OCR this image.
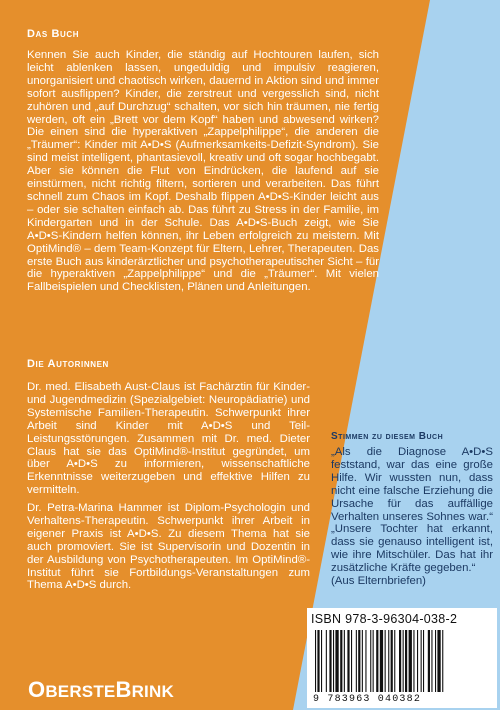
Das Buch

Kennen Sie auch Kinder, die ständig auf Hochtouren laufen, sich leicht ablenken lassen, ungeduldig und impulsiv reagieren, unorganisiert und chaotisch wirken, dauernd in Aktion sind und immer sofort ausflippen? Kinder, die zerstreut und vergesslich sind, nicht zuhören und „auf Durchzug“ schalten, vor sich hin träumen, nie fertig werden, oft ein „Brett vor dem Kopf“ haben und abwesend wirken? Die einen sind die hyperaktiven „Zappelphilippe“, die anderen die „Träumer“: Kinder mit A•D•S (Aufmerksamkeits-Defizit-Syndrom). Sie sind meist intelligent, phantasievoll, kreativ und oft sogar hochbegabt. Aber sie können die Flut von Eindrücken, die laufend auf sie einstürmen, nicht richtig filtern, sortieren und verarbeiten. Das führt schnell zum Chaos im Kopf. Deshalb flippen A•D•S-Kinder leicht aus – oder sie schalten einfach ab. Das führt zu Stress in der Familie, im Kindergarten und in der Schule. Das A•D•S-Buch zeigt, wie Sie A•D•S-Kindern helfen können, ihr Leben erfolgreich zu meistern. Mit OptiMind® – dem Team-Konzept für Eltern, Lehrer, Therapeuten. Das erste Buch aus kinderärztlicher und psychotherapeutischer Sicht – für die hyperaktiven „Zappelphilippe“ und die „Träumer“. Mit vielen Fallbeispielen und Checklisten, Plänen und Anleitungen.

Die Autorinnen

Dr. med. Elisabeth Aust-Claus ist Fachärztin für Kinder- und Jugendmedizin (Spezialgebiet: Neuropädiatrie) und Systemische Familien-Therapeutin. Schwerpunkt ihrer Arbeit sind Kinder mit A•D•S und Teil-Leistungsstörungen. Zusammen mit Dr. med. Dieter Claus hat sie das OptiMind®-Institut gegründet, um über A•D•S zu informieren, wissenschaftliche Erkenntnisse weiterzugeben und effektive Hilfen zu vermitteln.

Dr. Petra-Marina Hammer ist Diplom-Psychologin und Verhaltens-Therapeutin. Schwerpunkt ihrer Arbeit in eigener Praxis ist A•D•S. Zu diesem Thema hat sie auch promoviert. Sie ist Supervisorin und Dozentin in der Ausbildung von Psychotherapeuten. Im OptiMind®-Institut führt sie Fortbildungs-Veranstaltungen zum Thema A•D•S durch.

Stimmen zu diesem Buch

„Als die Diagnose A•D•S feststand, war das eine große Hilfe. Wir wussten nun, dass nicht eine falsche Erziehung die Ursache für das auffällige Verhalten unseres Sohnes war.“ „Unsere Tochter hat erkannt, dass sie genauso intelligent ist, wie ihre Mitschüler. Das hat ihr zusätzliche Kräfte gegeben.“
(Aus Elternbriefen)

ISBN 978-3-96304-038-2
9 783963 040382
OBERSTEBRINK
